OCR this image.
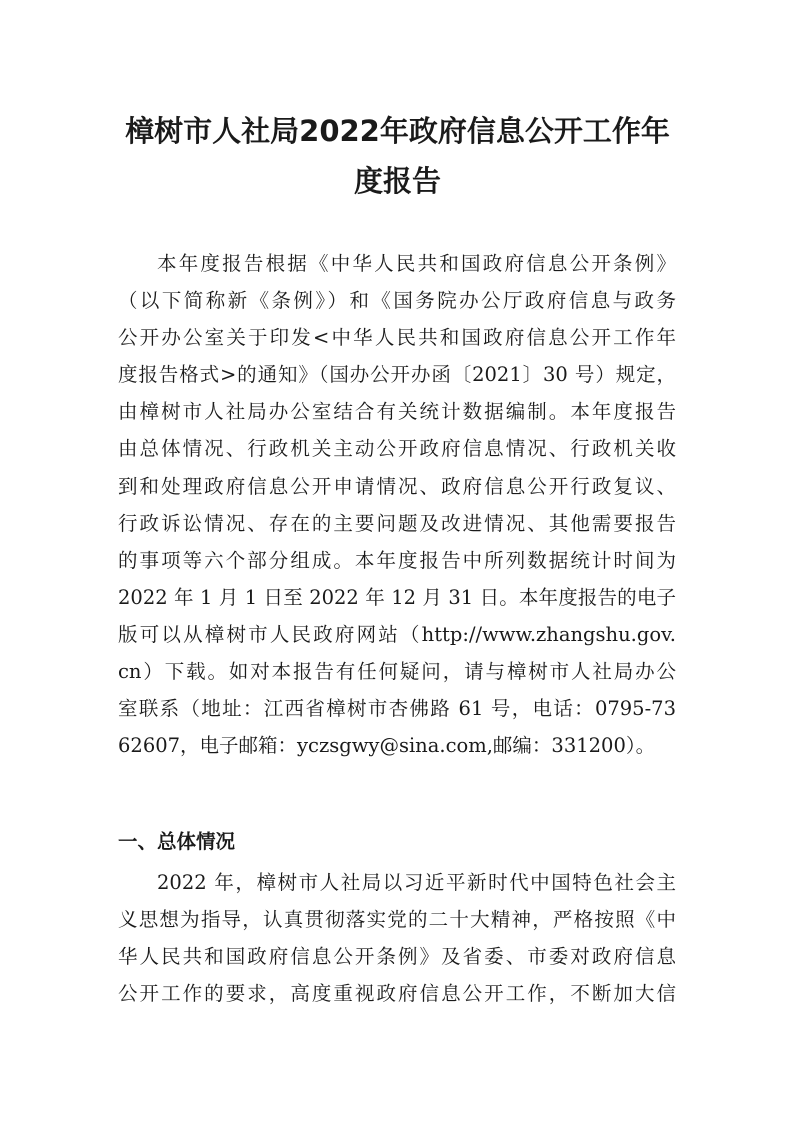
樟树市人社局2022年政府信息公开工作年
度报告
本年度报告根据《中华人民共和国政府信息公开条例》
（以下简称新《条例》）和《国务院办公厅政府信息与政务
公开办公室关于印发<中华人民共和国政府信息公开工作年
度报告格式>的通知》（国办公开办函〔2021〕30 号）规定，
由樟树市人社局办公室结合有关统计数据编制。本年度报告
由总体情况、行政机关主动公开政府信息情况、行政机关收
到和处理政府信息公开申请情况、政府信息公开行政复议、
行政诉讼情况、存在的主要问题及改进情况、其他需要报告
的事项等六个部分组成。本年度报告中所列数据统计时间为
2022 年 1 月 1 日至 2022 年 12 月 31 日。本年度报告的电子
版可以从樟树市人民政府网站（http://www.zhangshu.gov.
cn）下载。如对本报告有任何疑问，请与樟树市人社局办公
室联系（地址：江西省樟树市杏佛路 61 号，电话：0795-73
62607，电子邮箱：yczsgwy@sina.com,邮编：331200）。
一、总体情况
2022 年，樟树市人社局以习近平新时代中国特色社会主
义思想为指导，认真贯彻落实党的二十大精神，严格按照《中
华人民共和国政府信息公开条例》及省委、市委对政府信息
公开工作的要求，高度重视政府信息公开工作，不断加大信
